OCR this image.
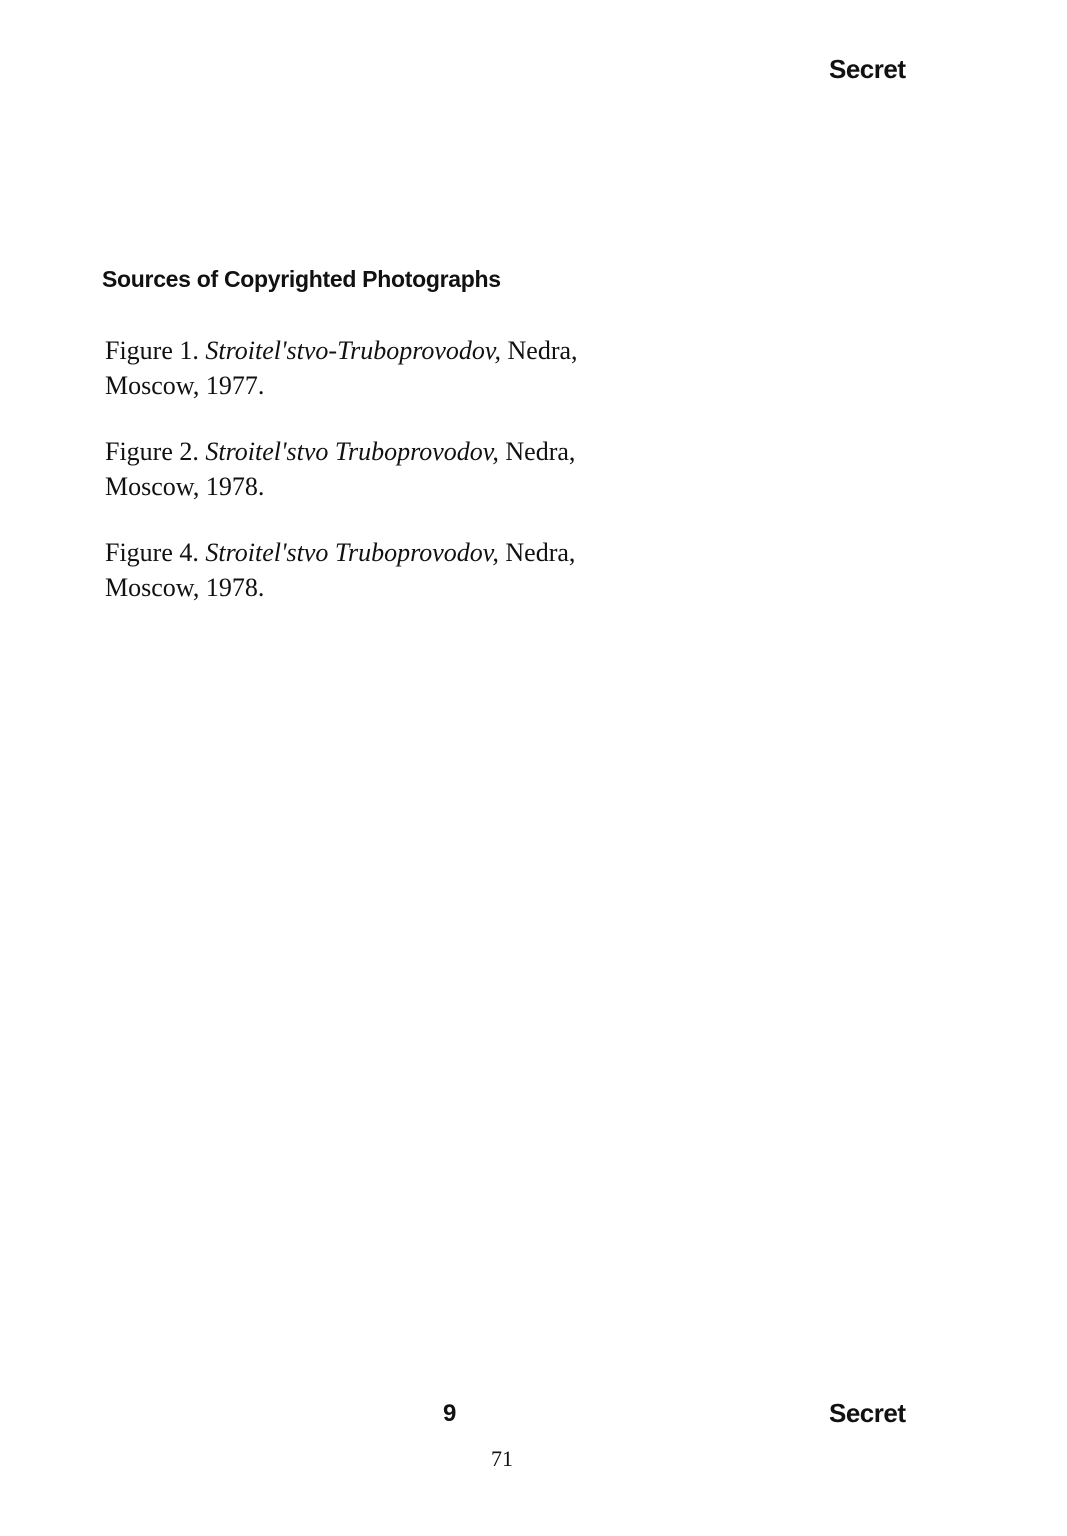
Secret
Sources of Copyrighted Photographs

Figure 1. Stroitel'stvo-Truboprovodov, Nedra,
Moscow, 1977.

Figure 2. Stroitel'stvo Truboprovodov, Nedra,
Moscow, 1978.

Figure 4. Stroitel'stvo Truboprovodov, Nedra,
Moscow, 1978.

9	Secret
71
